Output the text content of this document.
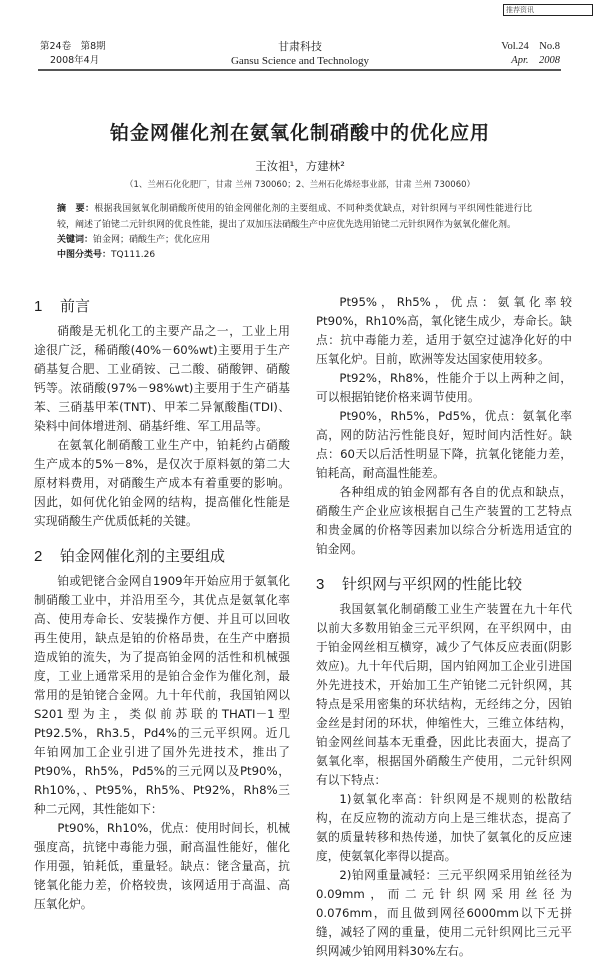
推荐资讯
第24卷　第8期
2008年4月
甘肃科技
Gansu Science and Technology
Vol.24　No.8
Apr.　2008
铂金网催化剂在氨氧化制硝酸中的优化应用
王汝祖¹，方建林²
（1、兰州石化化肥厂，甘肃 兰州 730060；2、兰州石化烯烃事业部，甘肃 兰州 730060）
摘　要：根据我国氨氧化制硝酸所使用的铂金网催化剂的主要组成、不同种类优缺点，对针织网与平织网性能进行比较，阐述了铂铑二元针织网的优良性能，提出了双加压法硝酸生产中应优先选用铂铑二元针织网作为氨氧化催化剂。
关键词：铂金网；硝酸生产；优化应用
中图分类号：TQ111.26
1 前言

硝酸是无机化工的主要产品之一，工业上用途很广泛，稀硝酸(40%－60%wt)主要用于生产硝基复合肥、工业硝铵、己二酸、硝酸钾、硝酸钙等。浓硝酸(97%－98%wt)主要用于生产硝基苯、三硝基甲苯(TNT)、甲苯二异氰酸酯(TDI)、染料中间体增进剂、硝基纤维、军工用品等。

在氨氧化制硝酸工业生产中，铂耗约占硝酸生产成本的5%－8%，是仅次于原料氨的第二大原材料费用，对硝酸生产成本有着重要的影响。因此，如何优化铂金网的结构，提高催化性能是实现硝酸生产优质低耗的关键。

2 铂金网催化剂的主要组成

铂或钯铑合金网自1909年开始应用于氨氧化制硝酸工业中，并沿用至今，其优点是氨氧化率高、使用寿命长、安装操作方便、并且可以回收再生使用，缺点是铂的价格昂贵，在生产中磨损造成铂的流失，为了提高铂金网的活性和机械强度，工业上通常采用的是铂合金作为催化剂，最常用的是铂铑合金网。九十年代前，我国铂网以S201型为主，类似前苏联的THATI－1型Pt92.5%，Rh3.5，Pd4%的三元平织网。近几年铂网加工企业引进了国外先进技术，推出了Pt90%，Rh5%，Pd5%的三元网以及Pt90%，Rh10%，、Pt95%，Rh5%、Pt92%，Rh8%三种二元网，其性能如下：

Pt90%，Rh10%，优点：使用时间长，机械强度高，抗铑中毒能力强，耐高温性能好，催化作用强，铂耗低，重量轻。缺点：铑含量高，抗铑氧化能力差，价格较贵，该网适用于高温、高压氧化炉。

Pt95%，Rh5%，优点：氨氧化率较Pt90%，Rh10%高，氧化铑生成少，寿命长。缺点：抗中毒能力差，适用于氨空过滤净化好的中压氧化炉。目前，欧洲等发达国家使用较多。

Pt92%，Rh8%，性能介于以上两种之间，可以根据铂铑价格来调节使用。

Pt90%，Rh5%，Pd5%，优点：氨氧化率高，网的防沾污性能良好，短时间内活性好。缺点：60天以后活性明显下降，抗氧化铑能力差，铂耗高，耐高温性能差。

各种组成的铂金网都有各自的优点和缺点，硝酸生产企业应该根据自己生产装置的工艺特点和贵金属的价格等因素加以综合分析选用适宜的铂金网。

3 针织网与平织网的性能比较

我国氨氧化制硝酸工业生产装置在九十年代以前大多数用铂金三元平织网，在平织网中，由于铂金网丝相互横穿，减少了气体反应表面(阴影效应)。九十年代后期，国内铂网加工企业引进国外先进技术，开始加工生产铂铑二元针织网，其特点是采用密集的环状结构，无经纬之分，因铂金丝是封闭的环状，伸缩性大，三维立体结构，铂金网丝间基本无重叠，因此比表面大，提高了氨氧化率，根据国外硝酸生产使用，二元针织网有以下特点：

1)氨氧化率高：针织网是不规则的松散结构，在反应物的流动方向上是三维状态，提高了氨的质量转移和热传递，加快了氨氧化的反应速度，使氨氧化率得以提高。

2)铂网重量减轻：三元平织网采用铂丝径为0.09mm，而二元针织网采用丝径为0.076mm，而且做到网径6000mm以下无拼缝，减轻了网的重量，使用二元针织网比三元平织网减少铂网用料30%左右。
